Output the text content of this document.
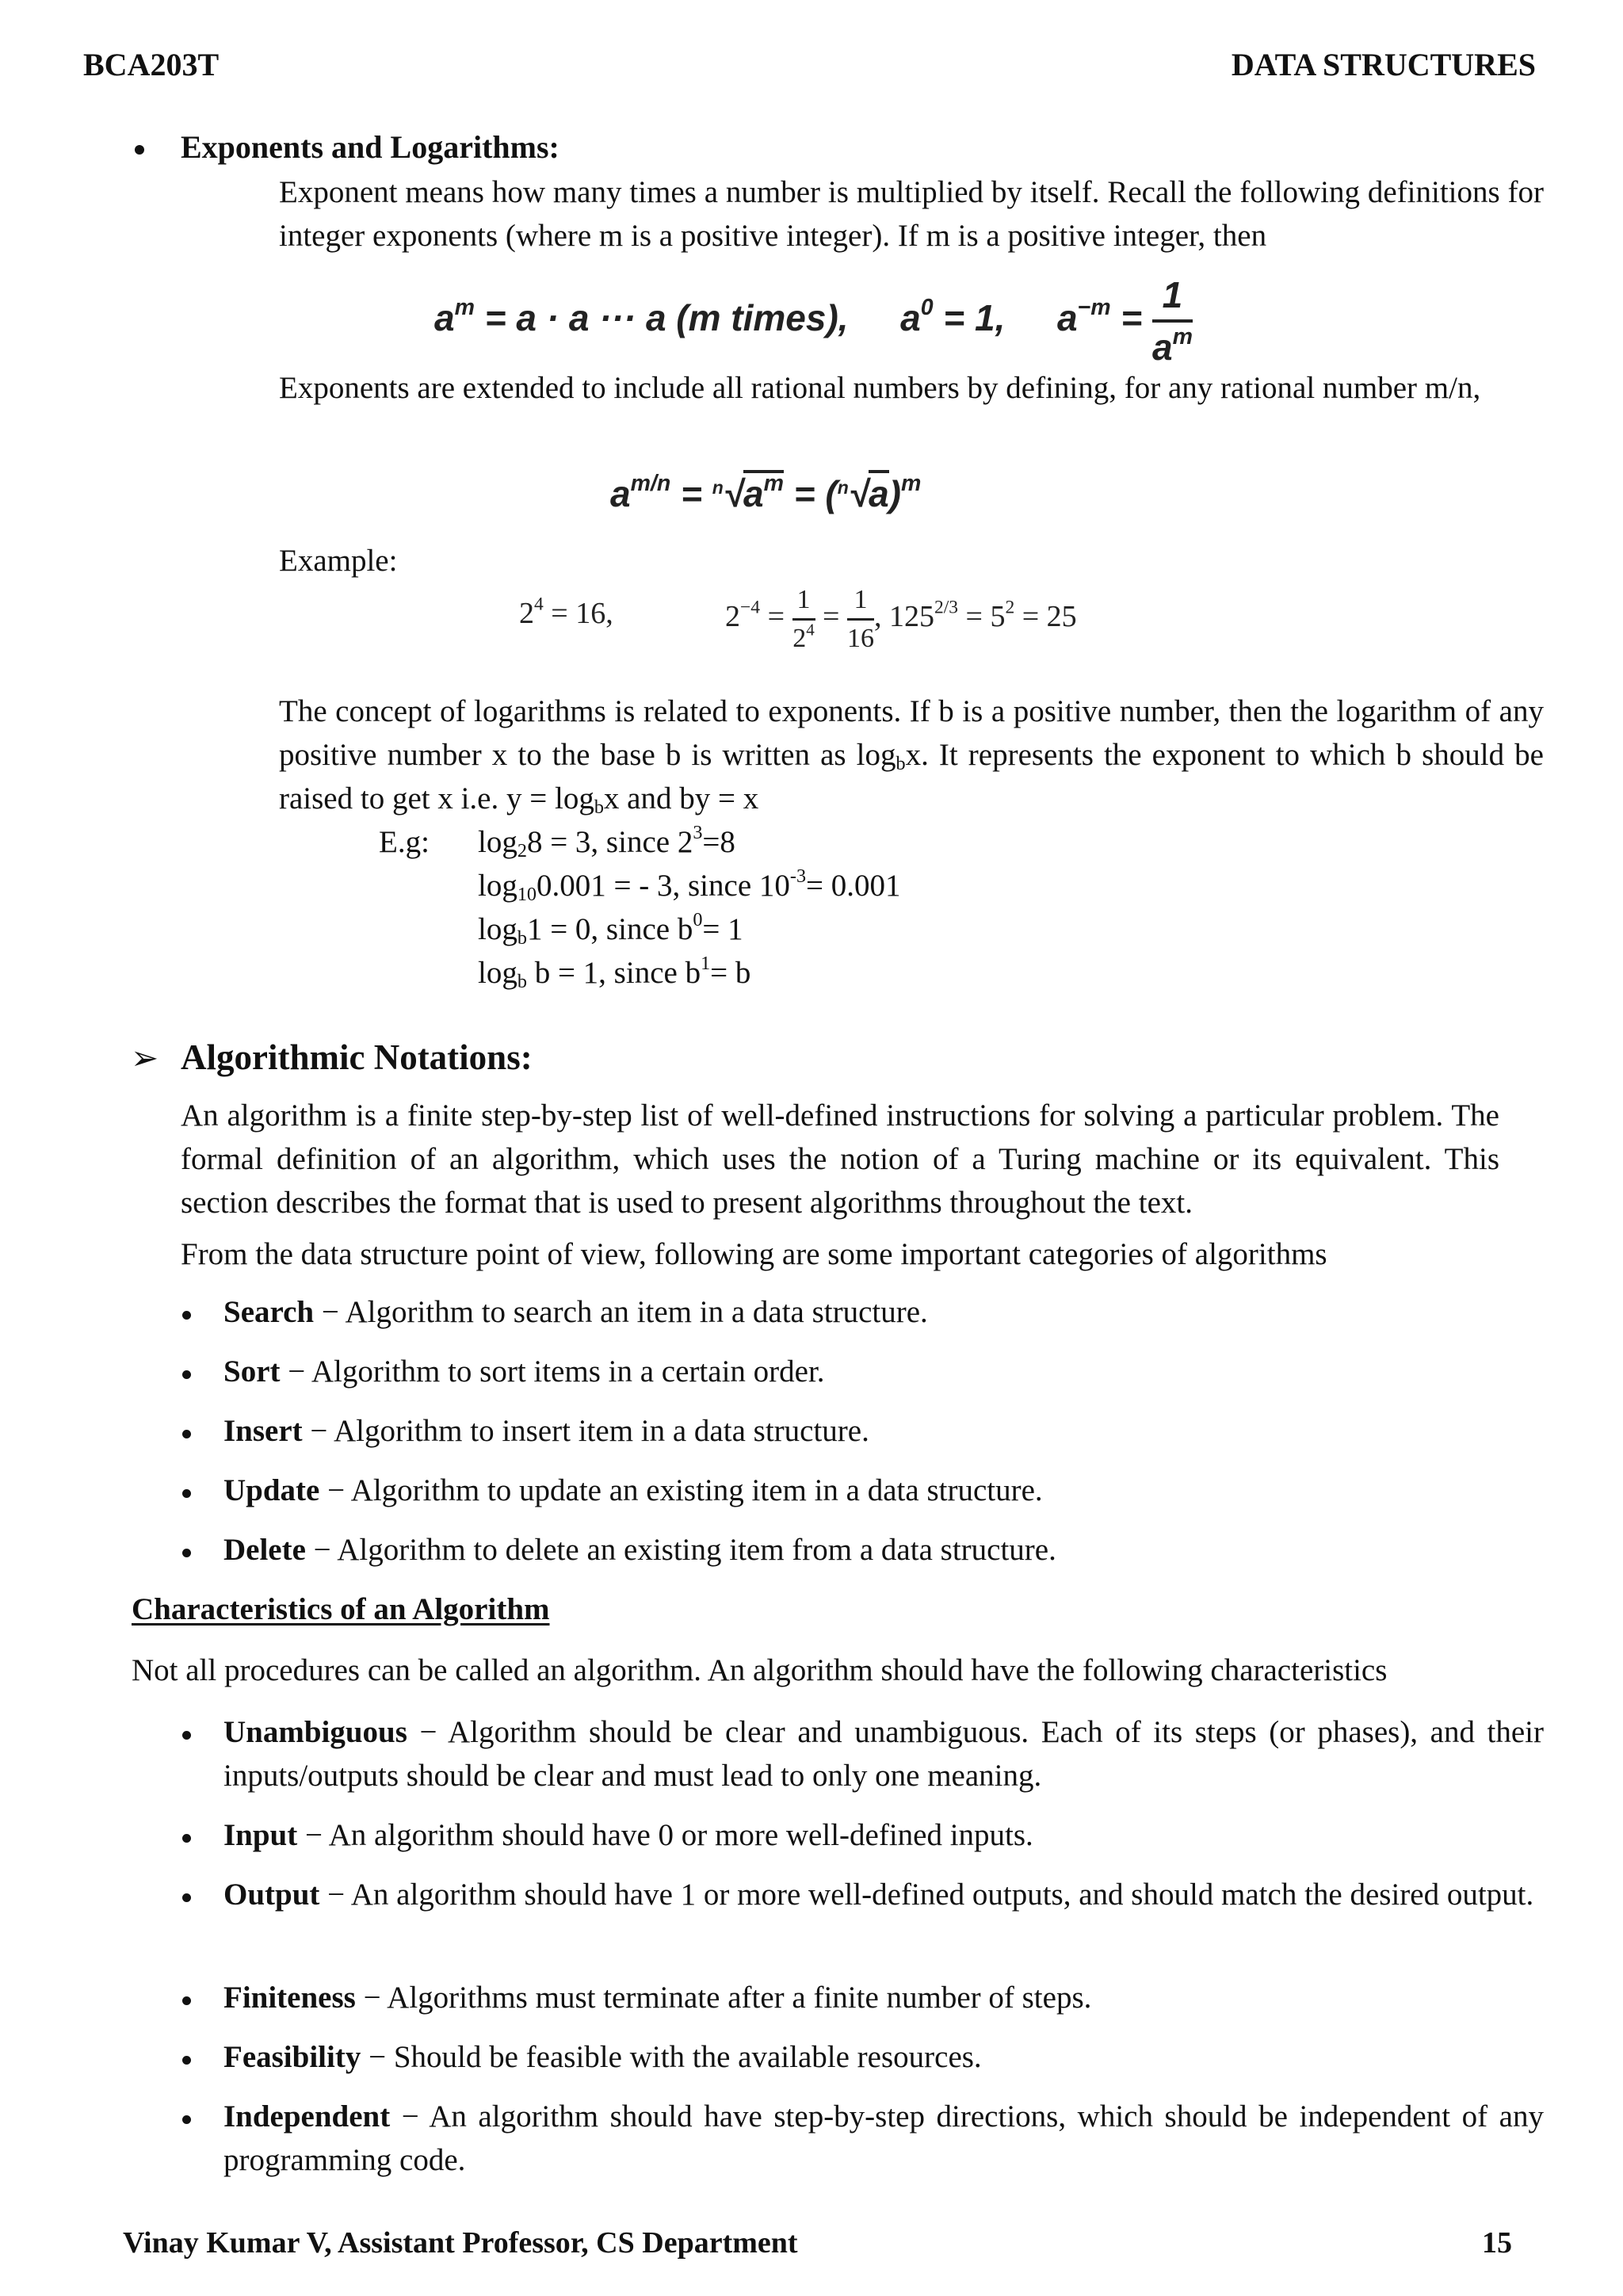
BCA203T	DATA STRUCTURES
Exponents and Logarithms:
Exponent means how many times a number is multiplied by itself. Recall the following definitions for integer exponents (where m is a positive integer). If m is a positive integer, then
$a^m = a \cdot a$ ··· a (m times), $a^0 = 1$, $a^{-m} = \frac{1}{a^m}$
Exponents are extended to include all rational numbers by defining, for any rational number m/n,
$a^{m/n} = ^n√a^m = (^n√a)^m$
Example:
$2^4 = 16$,	$2^{-4} = \frac{1}{2^4} = \frac{1}{16}$ , $125^{2/3} = 5^2 = 25$
The concept of logarithms is related to exponents. If b is a positive number, then the logarithm of any positive number x to the base b is written as $\log_bx$. It represents the exponent to which b should be raised to get x i.e. $y = \log_bx$ and by = x
E.g: $\log_28 = 3$, since $2^3=8$
$\log_{10}0.001$ = - 3, since $10^{-3}= 0.001$
$\log_b1 = 0$, since $b^0= 1$
$\log_b b = 1$, since $b^1= b$
➢ Algorithmic Notations:
An algorithm is a finite step-by-step list of well-defined instructions for solving a particular problem. The formal definition of an algorithm, which uses the notion of a Turing machine or its equivalent. This section describes the format that is used to present algorithms throughout the text.
From the data structure point of view, following are some important categories of algorithms
Search − Algorithm to search an item in a data structure.
Sort − Algorithm to sort items in a certain order.
Insert − Algorithm to insert item in a data structure.
Update − Algorithm to update an existing item in a data structure.
Delete − Algorithm to delete an existing item from a data structure.
Characteristics of an Algorithm
Not all procedures can be called an algorithm. An algorithm should have the following characteristics
Unambiguous − Algorithm should be clear and unambiguous. Each of its steps (or phases), and their inputs/outputs should be clear and must lead to only one meaning.
Input − An algorithm should have 0 or more well-defined inputs.
Output − An algorithm should have 1 or more well-defined outputs, and should match the desired output.
Finiteness − Algorithms must terminate after a finite number of steps.
Feasibility − Should be feasible with the available resources.
Independent − An algorithm should have step-by-step directions, which should be independent of any programming code.
Vinay Kumar V, Assistant Professor, CS Department	15
